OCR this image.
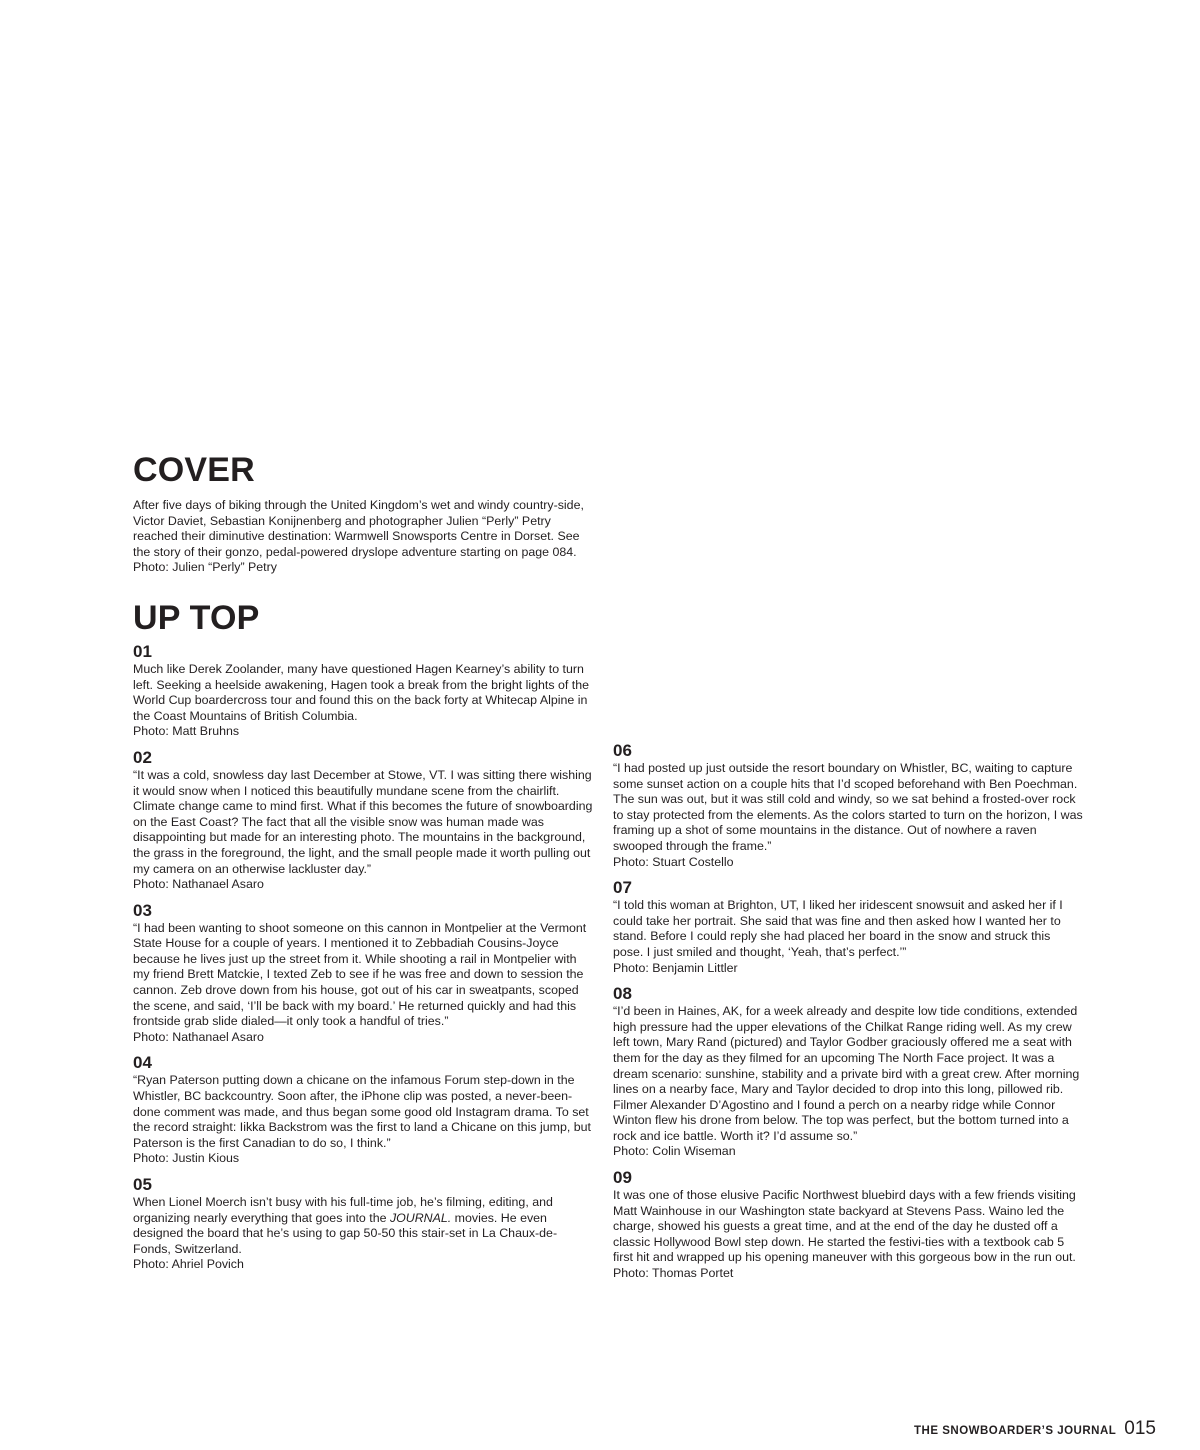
COVER

After five days of biking through the United Kingdom’s wet and windy country-side, Victor Daviet, Sebastian Konijnenberg and photographer Julien “Perly” Petry reached their diminutive destination: Warmwell Snowsports Centre in Dorset. See the story of their gonzo, pedal-powered dryslope adventure starting on page 084.

Photo: Julien “Perly” Petry
UP TOP

01

Much like Derek Zoolander, many have questioned Hagen Kearney’s ability to turn left. Seeking a heelside awakening, Hagen took a break from the bright lights of the World Cup boardercross tour and found this on the back forty at Whitecap Alpine in the Coast Mountains of British Columbia.

Photo: Matt Bruhns

02

“It was a cold, snowless day last December at Stowe, VT. I was sitting there wishing it would snow when I noticed this beautifully mundane scene from the chairlift. Climate change came to mind first. What if this becomes the future of snowboarding on the East Coast? The fact that all the visible snow was human made was disappointing but made for an interesting photo. The mountains in the background, the grass in the foreground, the light, and the small people made it worth pulling out my camera on an otherwise lackluster day.”

Photo: Nathanael Asaro

03

“I had been wanting to shoot someone on this cannon in Montpelier at the Vermont State House for a couple of years. I mentioned it to Zebbadiah Cousins-Joyce because he lives just up the street from it. While shooting a rail in Montpelier with my friend Brett Matckie, I texted Zeb to see if he was free and down to session the cannon. Zeb drove down from his house, got out of his car in sweatpants, scoped the scene, and said, ‘I’ll be back with my board.’ He returned quickly and had this frontside grab slide dialed—it only took a handful of tries.”

Photo: Nathanael Asaro

04

“Ryan Paterson putting down a chicane on the infamous Forum step-down in the Whistler, BC backcountry. Soon after, the iPhone clip was posted, a never-been-done comment was made, and thus began some good old Instagram drama. To set the record straight: Iikka Backstrom was the first to land a Chicane on this jump, but Paterson is the first Canadian to do so, I think.”

Photo: Justin Kious

05

When Lionel Moerch isn’t busy with his full-time job, he’s filming, editing, and organizing nearly everything that goes into the JOURNAL. movies. He even designed the board that he’s using to gap 50-50 this stair-set in La Chaux-de-Fonds, Switzerland.

Photo: Ahriel Povich

06

“I had posted up just outside the resort boundary on Whistler, BC, waiting to capture some sunset action on a couple hits that I’d scoped beforehand with Ben Poechman. The sun was out, but it was still cold and windy, so we sat behind a frosted-over rock to stay protected from the elements. As the colors started to turn on the horizon, I was framing up a shot of some mountains in the distance. Out of nowhere a raven swooped through the frame.”

Photo: Stuart Costello

07

“I told this woman at Brighton, UT, I liked her iridescent snowsuit and asked her if I could take her portrait. She said that was fine and then asked how I wanted her to stand. Before I could reply she had placed her board in the snow and struck this pose. I just smiled and thought, ‘Yeah, that’s perfect.’”

Photo: Benjamin Littler

08

“I’d been in Haines, AK, for a week already and despite low tide conditions, extended high pressure had the upper elevations of the Chilkat Range riding well. As my crew left town, Mary Rand (pictured) and Taylor Godber graciously offered me a seat with them for the day as they filmed for an upcoming The North Face project. It was a dream scenario: sunshine, stability and a private bird with a great crew. After morning lines on a nearby face, Mary and Taylor decided to drop into this long, pillowed rib. Filmer Alexander D’Agostino and I found a perch on a nearby ridge while Connor Winton flew his drone from below. The top was perfect, but the bottom turned into a rock and ice battle. Worth it? I’d assume so.”

Photo: Colin Wiseman

09

It was one of those elusive Pacific Northwest bluebird days with a few friends visiting Matt Wainhouse in our Washington state backyard at Stevens Pass. Waino led the charge, showed his guests a great time, and at the end of the day he dusted off a classic Hollywood Bowl step down. He started the festivi-ties with a textbook cab 5 first hit and wrapped up his opening maneuver with this gorgeous bow in the run out.

Photo: Thomas Portet
THE SNOWBOARDER’S JOURNAL 015
